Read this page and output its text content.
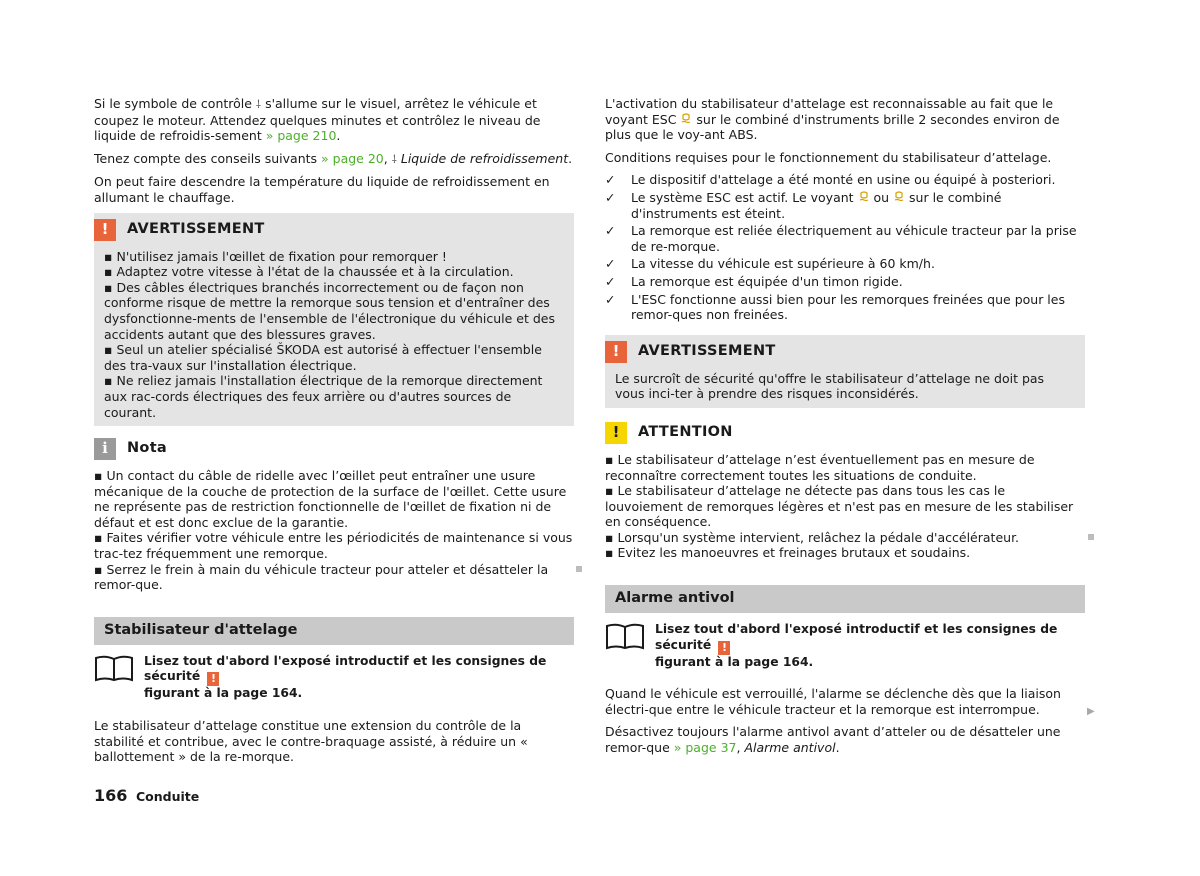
Si le symbole de contrôle ⸸ s'allume sur le visuel, arrêtez le véhicule et coupez le moteur. Attendez quelques minutes et contrôlez le niveau de liquide de refroidis-sement » page 210.

Tenez compte des conseils suivants » page 20, ⸸ Liquide de refroidissement.

On peut faire descendre la température du liquide de refroidissement en allumant le chauffage.

!	AVERTISSEMENT
▪ N'utilisez jamais l'œillet de fixation pour remorquer !
▪ Adaptez votre vitesse à l'état de la chaussée et à la circulation.
▪ Des câbles électriques branchés incorrectement ou de façon non conforme risque de mettre la remorque sous tension et d'entraîner des dysfonctionne-ments de l'ensemble de l'électronique du véhicule et des accidents autant que des blessures graves.
▪ Seul un atelier spécialisé ŠKODA est autorisé à effectuer l'ensemble des tra-vaux sur l'installation électrique.
▪ Ne reliez jamais l'installation électrique de la remorque directement aux rac-cords électriques des feux arrière ou d'autres sources de courant.
i	Nota
▪ Un contact du câble de ridelle avec l’œillet peut entraîner une usure mécanique de la couche de protection de la surface de l'œillet. Cette usure ne représente pas de restriction fonctionnelle de l'œillet de fixation ni de défaut et est donc exclue de la garantie.
▪ Faites vérifier votre véhicule entre les périodicités de maintenance si vous trac-tez fréquemment une remorque.
▪ Serrez le frein à main du véhicule tracteur pour atteler et désatteler la remor-que.
Stabilisateur d'attelage
Lisez tout d'abord l'exposé introductif et les consignes de sécurité !
figurant à la page 164.

Le stabilisateur d’attelage constitue une extension du contrôle de la stabilité et contribue, avec le contre-braquage assisté, à réduire un « ballottement » de la re-morque.

L'activation du stabilisateur d'attelage est reconnaissable au fait que le voyant ESC  sur le combiné d'instruments brille 2 secondes environ de plus que le voy-ant ABS.

Conditions requises pour le fonctionnement du stabilisateur d’attelage.

✓	Le dispositif d'attelage a été monté en usine ou équipé à posteriori.
✓	Le système ESC est actif. Le voyant  ou  sur le combiné d'instruments est éteint.
✓	La remorque est reliée électriquement au véhicule tracteur par la prise de re-morque.
✓	La vitesse du véhicule est supérieure à 60 km/h.
✓	La remorque est équipée d'un timon rigide.
✓	L'ESC fonctionne aussi bien pour les remorques freinées que pour les remor-ques non freinées.
!	AVERTISSEMENT
Le surcroît de sécurité qu'offre le stabilisateur d’attelage ne doit pas vous inci-ter à prendre des risques inconsidérés.
!	ATTENTION
▪ Le stabilisateur d’attelage n’est éventuellement pas en mesure de reconnaître correctement toutes les situations de conduite.
▪ Le stabilisateur d’attelage ne détecte pas dans tous les cas le louvoiement de remorques légères et n'est pas en mesure de les stabiliser en conséquence.
▪ Lorsqu'un système intervient, relâchez la pédale d'accélérateur.
▪ Evitez les manoeuvres et freinages brutaux et soudains.
Alarme antivol
Lisez tout d'abord l'exposé introductif et les consignes de sécurité !
figurant à la page 164.

Quand le véhicule est verrouillé, l'alarme se déclenche dès que la liaison électri-que entre le véhicule tracteur et la remorque est interrompue.

Désactivez toujours l'alarme antivol avant d’atteler ou de désatteler une remor-que » page 37, Alarme antivol.

▶
166 Conduite
